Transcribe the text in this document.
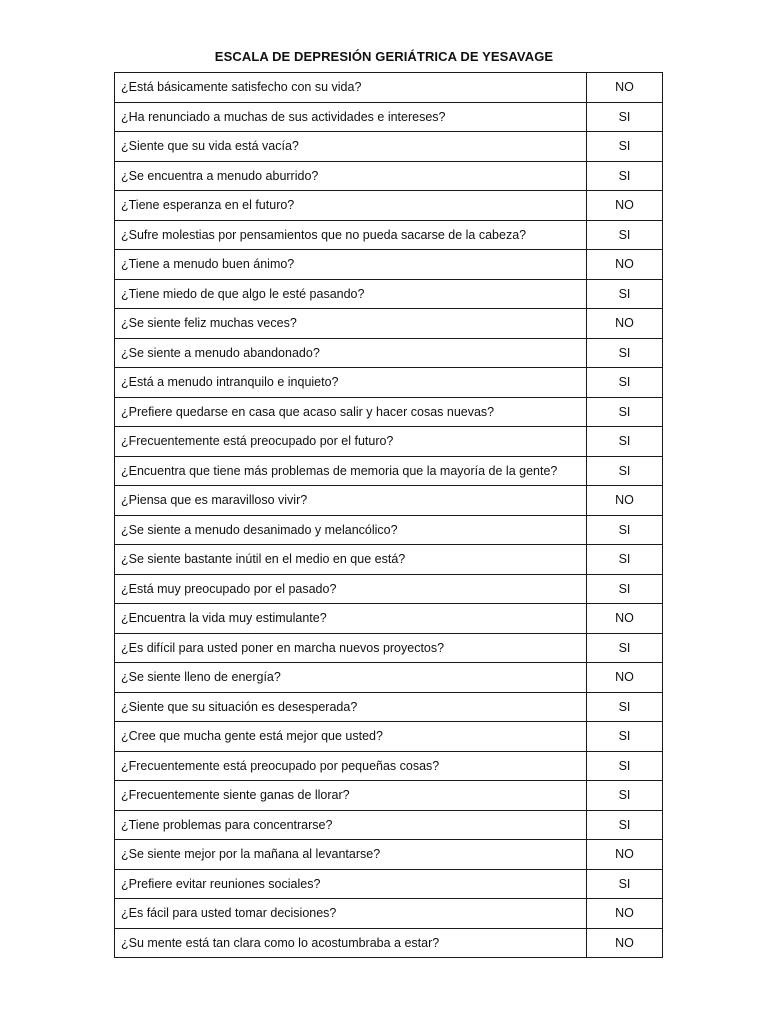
ESCALA DE DEPRESIÓN GERIÁTRICA DE YESAVAGE
¿Está básicamente satisfecho con su vida?	NO
¿Ha renunciado a muchas de sus actividades e intereses?	SI
¿Siente que su vida está vacía?	SI
¿Se encuentra a menudo aburrido?	SI
¿Tiene esperanza en el futuro?	NO
¿Sufre molestias por pensamientos que no pueda sacarse de la cabeza?	SI
¿Tiene a menudo buen ánimo?	NO
¿Tiene miedo de que algo le esté pasando?	SI
¿Se siente feliz muchas veces?	NO
¿Se siente a menudo abandonado?	SI
¿Está a menudo intranquilo e inquieto?	SI
¿Prefiere quedarse en casa que acaso salir y hacer cosas nuevas?	SI
¿Frecuentemente está preocupado por el futuro?	SI
¿Encuentra que tiene más problemas de memoria que la mayoría de la gente?	SI
¿Piensa que es maravilloso vivir?	NO
¿Se siente a menudo desanimado y melancólico?	SI
¿Se siente bastante inútil en el medio en que está?	SI
¿Está muy preocupado por el pasado?	SI
¿Encuentra la vida muy estimulante?	NO
¿Es difícil para usted poner en marcha nuevos proyectos?	SI
¿Se siente lleno de energía?	NO
¿Siente que su situación es desesperada?	SI
¿Cree que mucha gente está mejor que usted?	SI
¿Frecuentemente está preocupado por pequeñas cosas?	SI
¿Frecuentemente siente ganas de llorar?	SI
¿Tiene problemas para concentrarse?	SI
¿Se siente mejor por la mañana al levantarse?	NO
¿Prefiere evitar reuniones sociales?	SI
¿Es fácil para usted tomar decisiones?	NO
¿Su mente está tan clara como lo acostumbraba a estar?	NO
